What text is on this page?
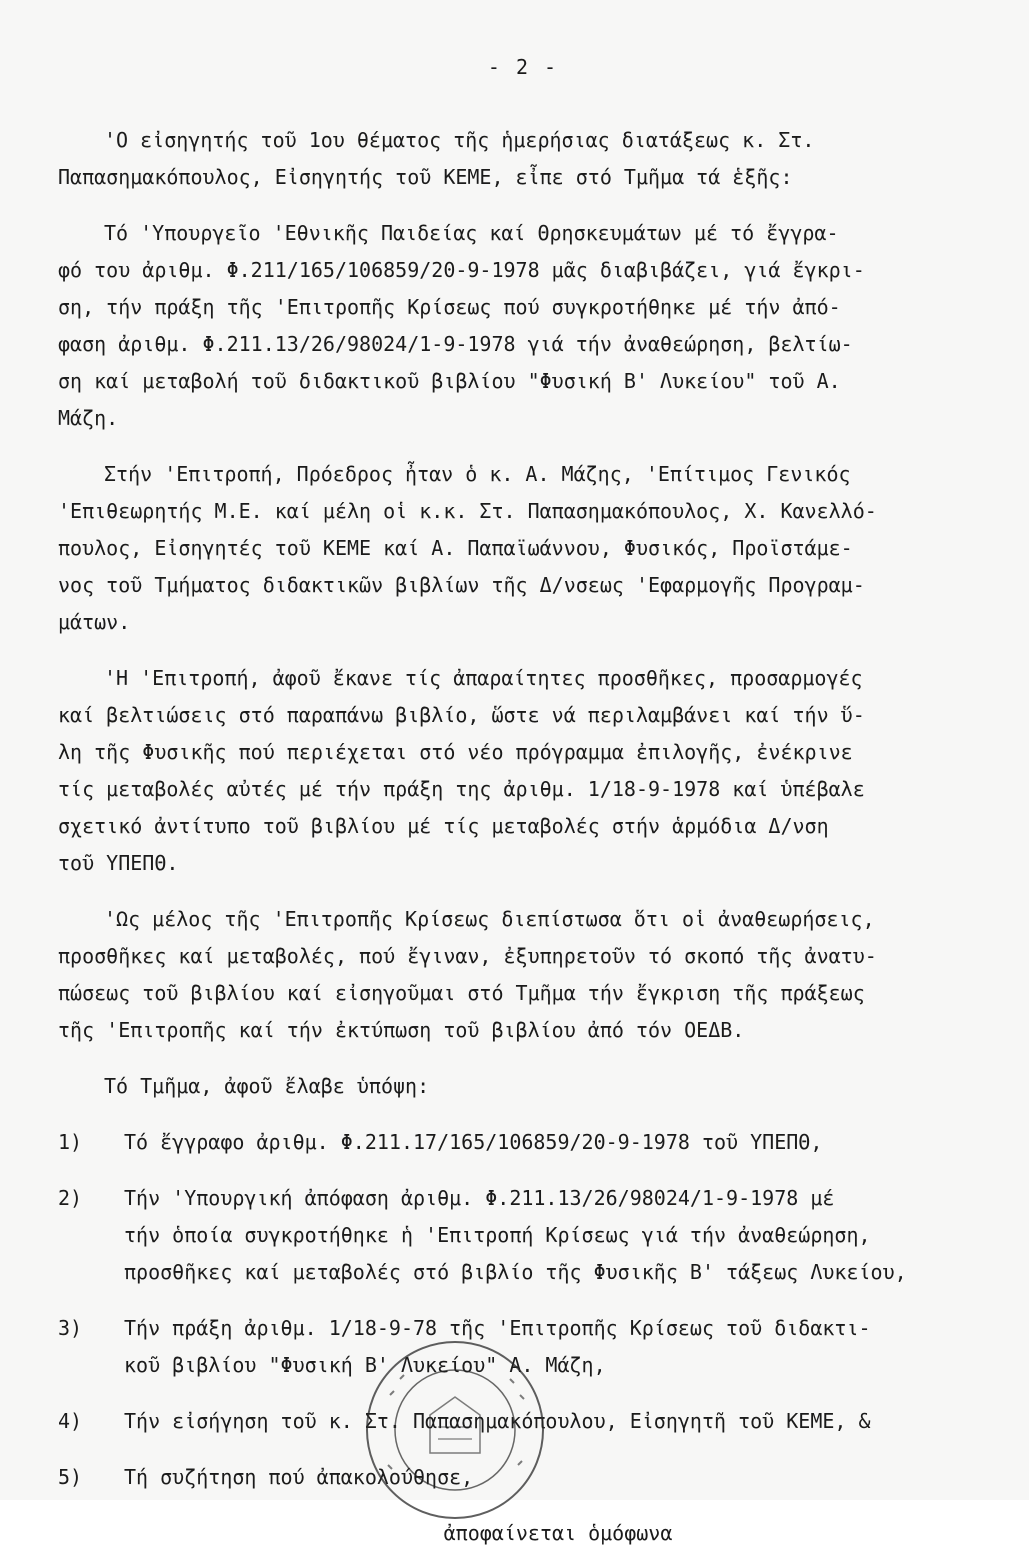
- 2 -
'Ο εἰσηγητής τοῦ 1ου θέματος τῆς ἡμερήσιας διατάξεως κ. Στ.
Παπασημακόπουλος, Εἰσηγητής τοῦ ΚΕΜΕ, εἶπε στό Τμῆμα τά ἑξῆς:
Τό 'Υπουργεῖο 'Εθνικῆς Παιδείας καί Θρησκευμάτων μέ τό ἔγγρα-
φό του ἀριθμ. Φ.211/165/106859/20-9-1978 μᾶς διαβιβάζει, γιά ἔγκρι-
ση, τήν πράξη τῆς 'Επιτροπῆς Κρίσεως πού συγκροτήθηκε μέ τήν ἀπό-
φαση ἀριθμ. Φ.211.13/26/98024/1-9-1978 γιά τήν ἀναθεώρηση, βελτίω-
ση καί μεταβολή τοῦ διδακτικοῦ βιβλίου "Φυσική Β' Λυκείου" τοῦ Α.
Μάζη.
Στήν 'Επιτροπή, Πρόεδρος ἦταν ὁ κ. Α. Μάζης, 'Επίτιμος Γενικός
'Επιθεωρητής Μ.Ε. καί μέλη οἱ κ.κ. Στ. Παπασημακόπουλος, Χ. Κανελλό-
πουλος, Εἰσηγητές τοῦ ΚΕΜΕ καί Α. Παπαϊωάννου, Φυσικός, Προϊστάμε-
νος τοῦ Τμήματος διδακτικῶν βιβλίων τῆς Δ/νσεως 'Εφαρμογῆς Προγραμ-
μάτων.
'Η 'Επιτροπή, ἀφοῦ ἔκανε τίς ἀπαραίτητες προσθῆκες, προσαρμογές
καί βελτιώσεις στό παραπάνω βιβλίο, ὥστε νά περιλαμβάνει καί τήν ὕ-
λη τῆς Φυσικῆς πού περιέχεται στό νέο πρόγραμμα ἐπιλογῆς, ἐνέκρινε
τίς μεταβολές αὐτές μέ τήν πράξη της ἀριθμ. 1/18-9-1978 καί ὑπέβαλε
σχετικό ἀντίτυπο τοῦ βιβλίου μέ τίς μεταβολές στήν ἁρμόδια Δ/νση
τοῦ ΥΠΕΠΘ.
'Ως μέλος τῆς 'Επιτροπῆς Κρίσεως διεπίστωσα ὅτι οἱ ἀναθεωρήσεις,
προσθῆκες καί μεταβολές, πού ἔγιναν, ἐξυπηρετοῦν τό σκοπό τῆς ἀνατυ-
πώσεως τοῦ βιβλίου καί εἰσηγοῦμαι στό Τμῆμα τήν ἔγκριση τῆς πράξεως
τῆς 'Επιτροπῆς καί τήν ἐκτύπωση τοῦ βιβλίου ἀπό τόν ΟΕΔΒ.
Τό Τμῆμα, ἀφοῦ ἔλαβε ὑπόψη:
1)	Τό ἔγγραφο ἀριθμ. Φ.211.17/165/106859/20-9-1978 τοῦ ΥΠΕΠΘ,
2)	Τήν 'Υπουργική ἀπόφαση ἀριθμ. Φ.211.13/26/98024/1-9-1978 μέ
τήν ὁποία συγκροτήθηκε ἡ 'Επιτροπή Κρίσεως γιά τήν ἀναθεώρηση,
προσθῆκες καί μεταβολές στό βιβλίο τῆς Φυσικῆς Β' τάξεως Λυκείου,
3)	Τήν πράξη ἀριθμ. 1/18-9-78 τῆς 'Επιτροπῆς Κρίσεως τοῦ διδακτι-
κοῦ βιβλίου "Φυσική Β' Λυκείου" Α. Μάζη,
4)	Τήν εἰσήγηση τοῦ κ. Στ. Παπασημακόπουλου, Εἰσηγητῆ τοῦ ΚΕΜΕ, &
5)	Τή συζήτηση πού ἀπακολούθησε,
ἀποφαίνεται ὁμόφωνα
